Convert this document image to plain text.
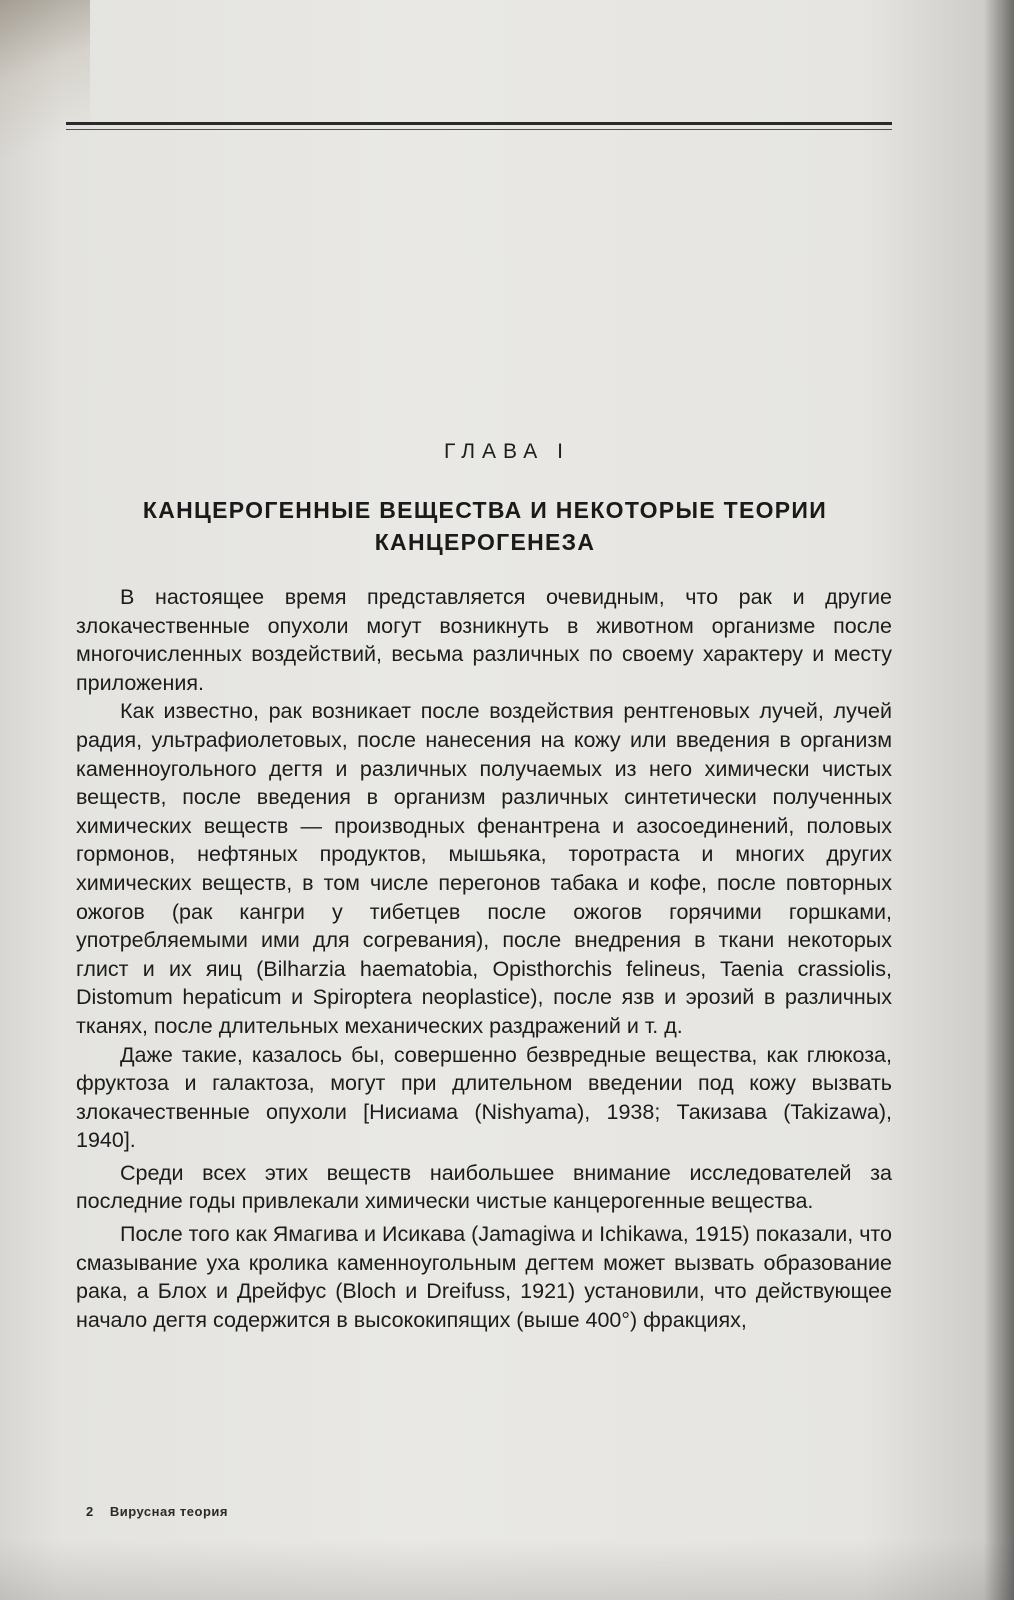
ГЛАВА I
КАНЦЕРОГЕННЫЕ ВЕЩЕСТВА И НЕКОТОРЫЕ ТЕОРИИ КАНЦЕРОГЕНЕЗА

В настоящее время представляется очевидным, что рак и другие злокачественные опухоли могут возникнуть в животном организме после многочисленных воздействий, весьма различных по своему характеру и месту приложения.

Как известно, рак возникает после воздействия рентгеновых лучей, лучей радия, ультрафиолетовых, после нанесения на кожу или введения в организм каменноугольного дегтя и различных получаемых из него химически чистых веществ, после введения в организм различных синтетически полученных химических веществ — производных фенантрена и азосоединений, половых гормонов, нефтяных продуктов, мышьяка, торотраста и многих других химических веществ, в том числе перегонов табака и кофе, после повторных ожогов (рак кангри у тибетцев после ожогов горячими горшками, употребляемыми ими для согревания), после внедрения в ткани некоторых глист и их яиц (Bilharzia haematobia, Opisthorchis felineus, Taenia crassiolis, Distomum hepaticum и Spiroptera neoplastice), после язв и эрозий в различных тканях, после длительных механических раздражений и т. д.

Даже такие, казалось бы, совершенно безвредные вещества, как глюкоза, фруктоза и галактоза, могут при длительном введении под кожу вызвать злокачественные опухоли [Нисиама (Nishyama), 1938; Такизава (Takizawa), 1940].

Среди всех этих веществ наибольшее внимание исследователей за последние годы привлекали химически чистые канцерогенные вещества.

После того как Ямагива и Исикава (Jamagiwa и Ichikawa, 1915) показали, что смазывание уха кролика каменноугольным дегтем может вызвать образование рака, а Блох и Дрейфус (Bloch и Dreifuss, 1921) установили, что действующее начало дегтя содержится в высококипящих (выше 400°) фракциях,

2 Вирусная теория
